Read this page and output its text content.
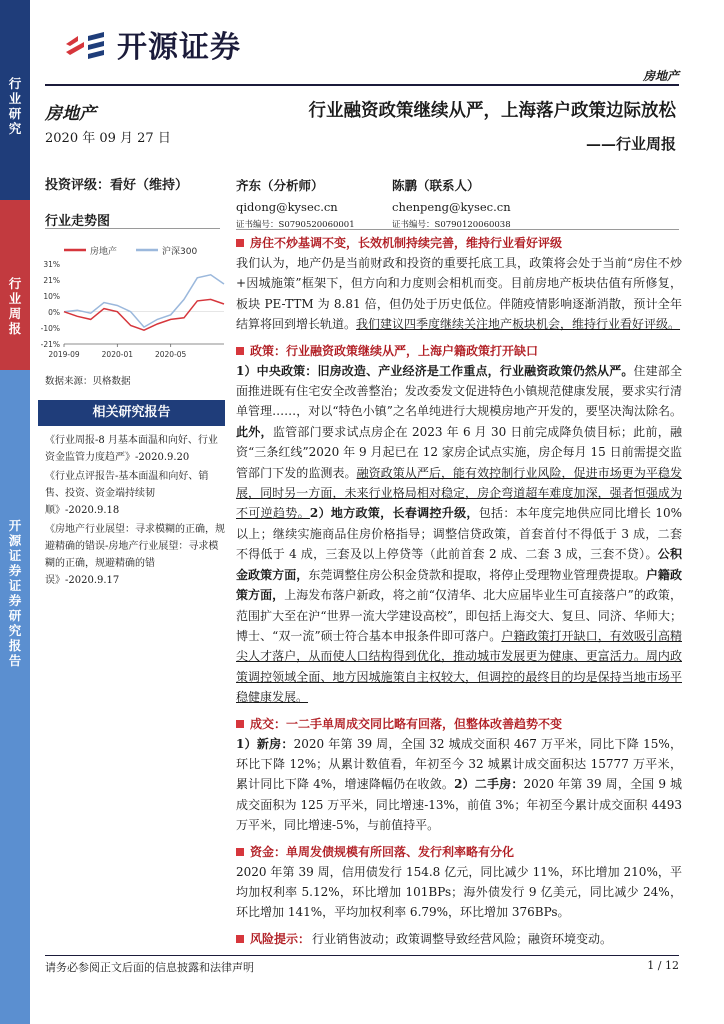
行业研究
行业周报
开源证券 证券研究报告
开源证券
房地产
房地产
2020 年 09 月 27 日
投资评级：看好（维持）
行业走势图
房地产	沪深300
31%
21%
10%
0%
-10%
-21%
2019-09	2020-01	2020-05
数据来源：贝格数据
相关研究报告

《行业周报-8 月基本面温和向好、行业资金监管力度趋严》-2020.9.20

《行业点评报告-基本面温和向好、销售、投资、资金端持续韧顺》-2020.9.18

《房地产行业展望：寻求模糊的正确，规避精确的错误-房地产行业展望：寻求模糊的正确，规避精确的错误》-2020.9.17

行业融资政策继续从严，上海落户政策边际放松
——行业周报
齐东（分析师）
qidong@kysec.cn
证书编号：S0790520060001
陈鹏（联系人）
chenpeng@kysec.cn
证书编号：S0790120060038
房住不炒基调不变，长效机制持续完善，维持行业看好评级

我们认为，地产仍是当前财政和投资的重要托底工具，政策将会处于当前“房住不炒+因城施策”框架下，但方向和力度则会相机而变。目前房地产板块估值有所修复，板块 PE-TTM 为 8.81 倍，但仍处于历史低位。伴随疫情影响逐渐消散，预计全年结算将回到增长轨道。我们建议四季度继续关注地产板块机会，维持行业看好评级。

政策：行业融资政策继续从严，上海户籍政策打开缺口

1）中央政策：旧房改造、产业经济是工作重点，行业融资政策仍然从严。住建部全面推进既有住宅安全改善整治；发改委发文促进特色小镇规范健康发展，要求实行清单管理……，对以“特色小镇”之名单纯进行大规模房地产开发的，要坚决淘汰除名。此外，监管部门要求试点房企在 2023 年 6 月 30 日前完成降负债目标；此前，融资“三条红线”2020 年 9 月起已在 12 家房企试点实施，房企每月 15 日前需提交监管部门下发的监测表。融资政策从严后，能有效控制行业风险，促进市场更为平稳发展，同时另一方面，未来行业格局相对稳定，房企弯道超车难度加深，强者恒强成为不可逆趋势。2）地方政策，长春调控升级，包括：本年度完地供应同比增长 10%以上；继续实施商品住房价格指导；调整信贷政策，首套首付不得低于 3 成，二套不得低于 4 成，三套及以上停贷等（此前首套 2 成、二套 3 成，三套不贷）。公积金政策方面，东莞调整住房公积金贷款和提取，将停止受理物业管理费提取。户籍政策方面，上海发布落户新政，将之前“仅清华、北大应届毕业生可直接落户”的政策，范围扩大至在沪“世界一流大学建设高校”，即包括上海交大、复旦、同济、华师大；博士、“双一流”硕士符合基本申报条件即可落户。户籍政策打开缺口，有效吸引高精尖人才落户，从而使人口结构得到优化，推动城市发展更为健康、更富活力。周内政策调控领域全面、地方因城施策自主权较大，但调控的最终目的均是保持当地市场平稳健康发展。

成交：一二手单周成交同比略有回落，但整体改善趋势不变

1）新房：2020 年第 39 周，全国 32 城成交面积 467 万平米，同比下降 15%，环比下降 12%；从累计数值看，年初至今 32 城累计成交面积达 15777 万平米，累计同比下降 4%，增速降幅仍在收敛。2）二手房：2020 年第 39 周，全国 9 城成交面积为 125 万平米，同比增速-13%，前值 3%；年初至今累计成交面积 4493 万平米，同比增速-5%，与前值持平。

资金：单周发债规模有所回落、发行利率略有分化

2020 年第 39 周，信用债发行 154.8 亿元，同比减少 11%，环比增加 210%，平均加权利率 5.12%，环比增加 101BPs；海外债发行 9 亿美元，同比减少 24%，环比增加 141%，平均加权利率 6.79%，环比增加 376BPs。

风险提示： 行业销售波动；政策调整导致经营风险；融资环境变动。
请务必参阅正文后面的信息披露和法律声明	1 / 12
